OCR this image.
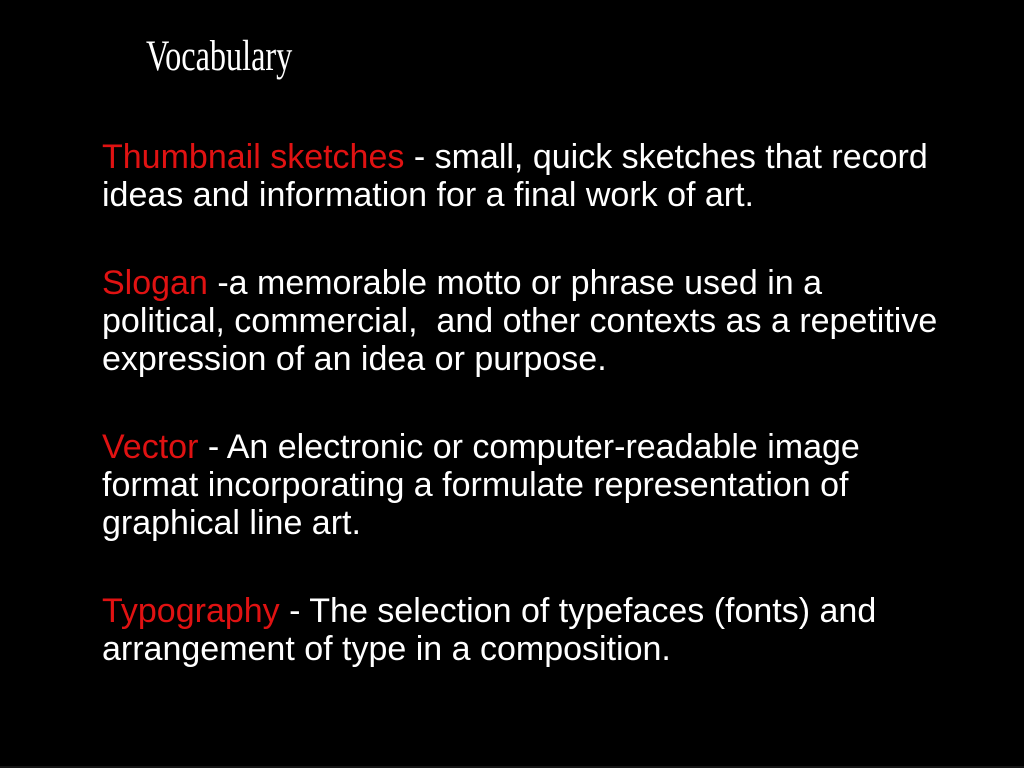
Vocabulary

Thumbnail sketches - small, quick sketches that record ideas and information for a final work of art.

Slogan -a memorable motto or phrase used in a political, commercial,  and other contexts as a repetitive expression of an idea or purpose.

Vector - An electronic or computer-readable image format incorporating a formulate representation of graphical line art.

Typography - The selection of typefaces (fonts) and arrangement of type in a composition.
